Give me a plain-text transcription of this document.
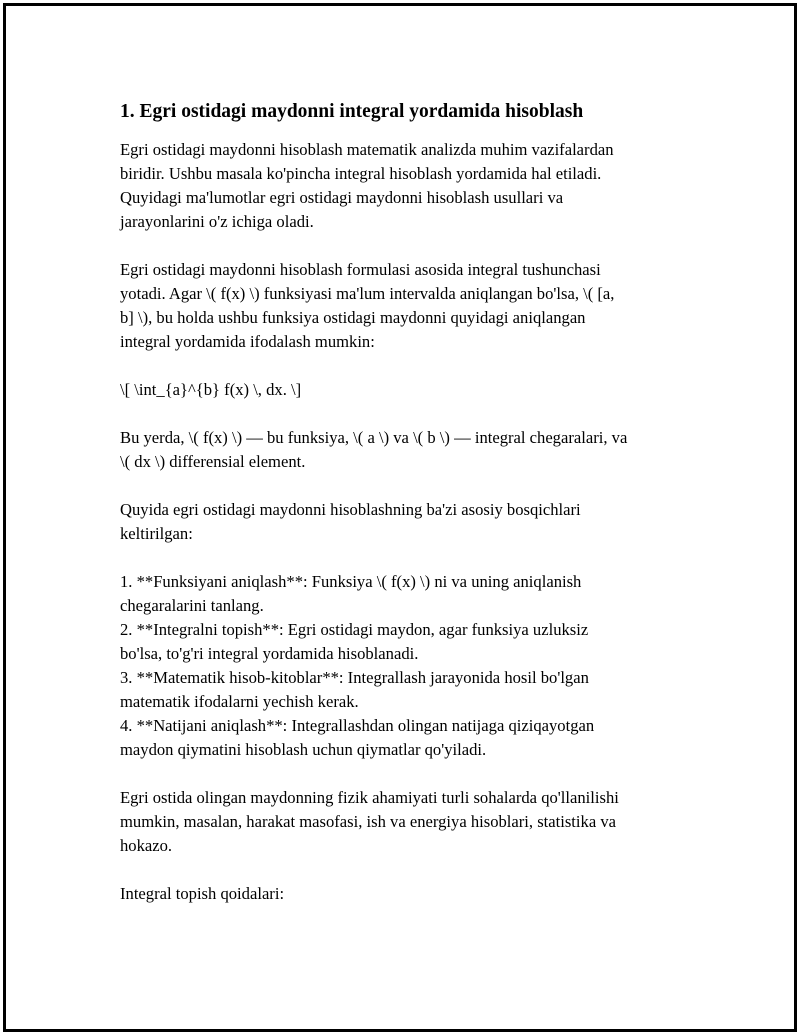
1. Egri ostidagi maydonni integral yordamida hisoblash

Egri ostidagi maydonni hisoblash matematik analizda muhim vazifalardan
biridir. Ushbu masala ko'pincha integral hisoblash yordamida hal etiladi.
Quyidagi ma'lumotlar egri ostidagi maydonni hisoblash usullari va
jarayonlarini o'z ichiga oladi.

Egri ostidagi maydonni hisoblash formulasi asosida integral tushunchasi
yotadi. Agar \( f(x) \) funksiyasi ma'lum intervalda aniqlangan bo'lsa, \( [a,
b] \), bu holda ushbu funksiya ostidagi maydonni quyidagi aniqlangan
integral yordamida ifodalash mumkin:

\[ \int_{a}^{b} f(x) \, dx. \]

Bu yerda, \( f(x) \) — bu funksiya, \( a \) va \( b \) — integral chegaralari, va
\( dx \) differensial element.

Quyida egri ostidagi maydonni hisoblashning ba'zi asosiy bosqichlari
keltirilgan:

1. **Funksiyani aniqlash**: Funksiya \( f(x) \) ni va uning aniqlanish
chegaralarini tanlang.
2. **Integralni topish**: Egri ostidagi maydon, agar funksiya uzluksiz
bo'lsa, to'g'ri integral yordamida hisoblanadi.
3. **Matematik hisob-kitoblar**: Integrallash jarayonida hosil bo'lgan
matematik ifodalarni yechish kerak.
4. **Natijani aniqlash**: Integrallashdan olingan natijaga qiziqayotgan
maydon qiymatini hisoblash uchun qiymatlar qo'yiladi.

Egri ostida olingan maydonning fizik ahamiyati turli sohalarda qo'llanilishi
mumkin, masalan, harakat masofasi, ish va energiya hisoblari, statistika va
hokazo.

Integral topish qoidalari:
